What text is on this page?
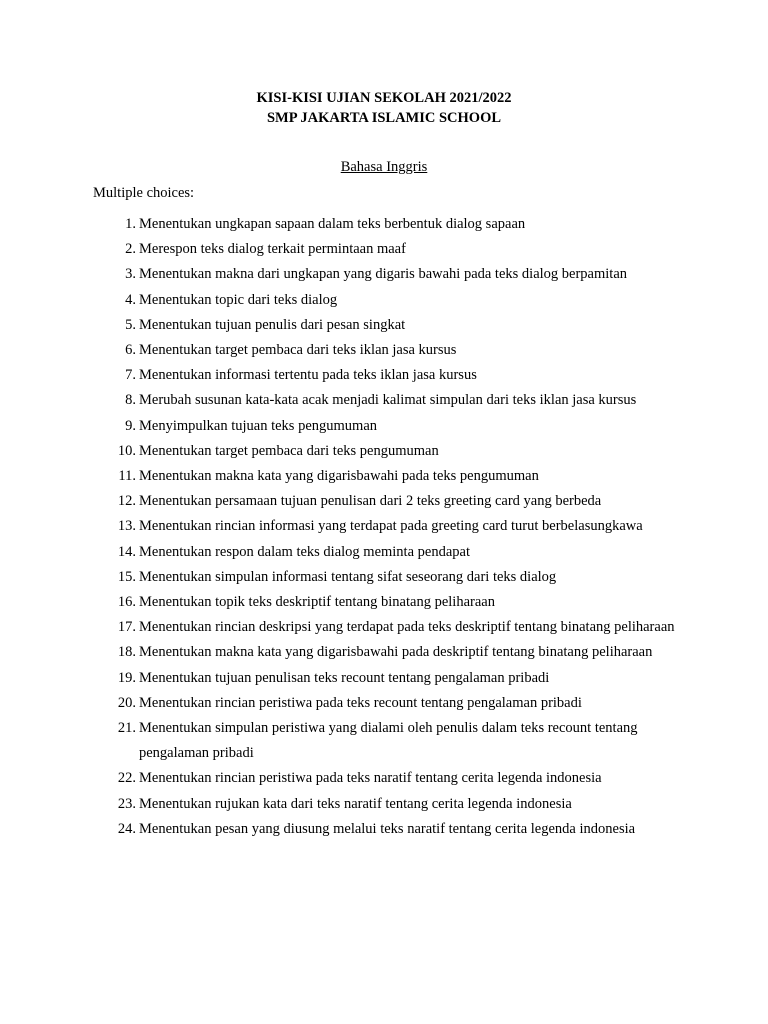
KISI-KISI UJIAN SEKOLAH 2021/2022
SMP JAKARTA ISLAMIC SCHOOL
Bahasa Inggris
Multiple choices:
1. Menentukan ungkapan sapaan dalam teks berbentuk dialog sapaan
2. Merespon teks dialog terkait permintaan maaf
3. Menentukan makna dari ungkapan yang digaris bawahi pada teks dialog berpamitan
4. Menentukan topic dari teks dialog
5. Menentukan tujuan penulis dari pesan singkat
6. Menentukan target pembaca dari teks iklan jasa kursus
7. Menentukan informasi tertentu pada teks iklan jasa kursus
8. Merubah susunan kata-kata acak menjadi kalimat simpulan dari teks iklan jasa kursus
9. Menyimpulkan tujuan teks pengumuman
10. Menentukan target pembaca dari teks pengumuman
11. Menentukan makna kata yang digarisbawahi pada teks pengumuman
12. Menentukan persamaan tujuan penulisan dari 2 teks greeting card yang berbeda
13. Menentukan rincian informasi yang terdapat pada greeting card turut berbelasungkawa
14. Menentukan respon dalam teks dialog meminta pendapat
15. Menentukan simpulan informasi tentang sifat seseorang dari teks dialog
16. Menentukan topik teks deskriptif tentang binatang peliharaan
17. Menentukan rincian deskripsi yang terdapat pada teks deskriptif tentang binatang peliharaan
18. Menentukan makna kata yang digarisbawahi pada deskriptif tentang binatang peliharaan
19. Menentukan tujuan penulisan teks recount tentang pengalaman pribadi
20. Menentukan rincian peristiwa pada teks recount tentang pengalaman pribadi
21. Menentukan simpulan peristiwa yang dialami oleh penulis dalam teks recount tentang pengalaman pribadi
22. Menentukan rincian peristiwa pada teks naratif tentang cerita legenda indonesia
23. Menentukan rujukan kata dari teks naratif tentang cerita legenda indonesia
24. Menentukan pesan yang diusung melalui teks naratif tentang cerita legenda indonesia
